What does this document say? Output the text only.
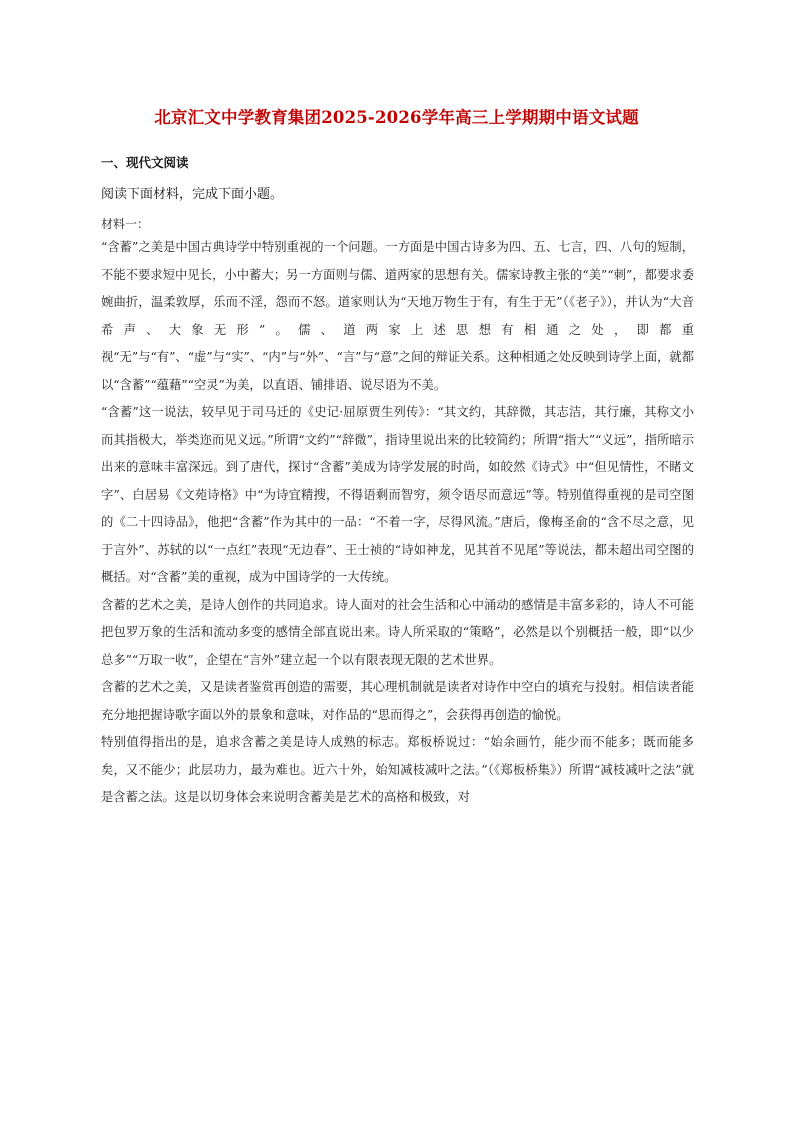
北京汇文中学教育集团2025-2026学年高三上学期期中语文试题
一、现代文阅读
阅读下面材料，完成下面小题。
材料一：

“含蓄”之美是中国古典诗学中特别重视的一个问题。一方面是中国古诗多为四、五、七言，四、八句的短制，不能不要求短中见长，小中蓄大；另一方面则与儒、道两家的思想有关。儒家诗教主张的“美”“刺”，都要求委婉曲折，温柔敦厚，乐而不淫，怨而不怒。道家则认为“天地万物生于有，有生于无”（《老子》），并认为“大音希声、大象无形”。儒、道两家上述思想有相通之处，即都重视“无”与“有”、“虚”与“实”、“内”与“外”、“言”与“意”之间的辩证关系。这种相通之处反映到诗学上面，就都以“含蓄”“蕴藉”“空灵”为美，以直语、铺排语、说尽语为不美。

“含蓄”这一说法，较早见于司马迁的《史记·屈原贾生列传》：“其文约，其辞微，其志洁，其行廉，其称文小而其指极大，举类迩而见义远。”所谓“文约”“辞微”，指诗里说出来的比较简约；所谓“指大”“义远”，指所暗示出来的意味丰富深远。到了唐代，探讨“含蓄”美成为诗学发展的时尚，如皎然《诗式》中“但见情性，不睹文字”、白居易《文苑诗格》中“为诗宜精搜，不得语剩而智穷，须令语尽而意远”等。特别值得重视的是司空图的《二十四诗品》，他把“含蓄”作为其中的一品：“不着一字，尽得风流。”唐后，像梅圣俞的“含不尽之意，见于言外”、苏轼的以“一点红”表现“无边春”、王士祯的“诗如神龙，见其首不见尾”等说法，都未超出司空图的概括。对“含蓄”美的重视，成为中国诗学的一大传统。

含蓄的艺术之美，是诗人创作的共同追求。诗人面对的社会生活和心中涌动的感情是丰富多彩的，诗人不可能把包罗万象的生活和流动多变的感情全部直说出来。诗人所采取的“策略”，必然是以个别概括一般，即“以少总多”“万取一收”，企望在“言外”建立起一个以有限表现无限的艺术世界。

含蓄的艺术之美，又是读者鉴赏再创造的需要，其心理机制就是读者对诗作中空白的填充与投射。相信读者能充分地把握诗歌字面以外的景象和意味，对作品的“思而得之”，会获得再创造的愉悦。

特别值得指出的是，追求含蓄之美是诗人成熟的标志。郑板桥说过：“始余画竹，能少而不能多；既而能多矣，又不能少；此层功力，最为难也。近六十外，始知减枝减叶之法。”（《郑板桥集》）所谓“减枝减叶之法”就是含蓄之法。这是以切身体会来说明含蓄美是艺术的高格和极致，对
